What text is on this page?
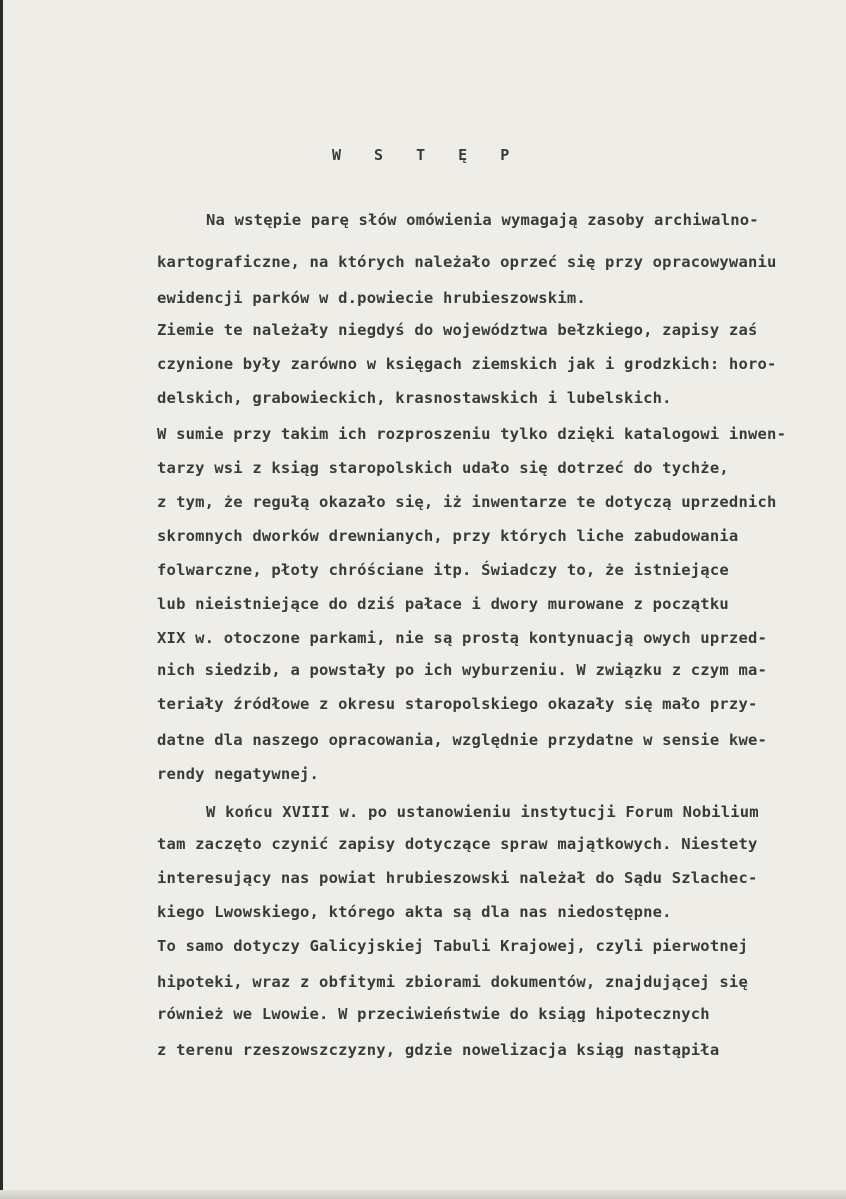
W S T Ę P
Na wstępie parę słów omówienia wymagają zasoby archiwalno-
kartograficzne, na których należało oprzeć się przy opracowywaniu
ewidencji parków w d.powiecie hrubieszowskim.
Ziemie te należały niegdyś do województwa bełzkiego, zapisy zaś
czynione były zarówno w księgach ziemskich jak i grodzkich: horo-
delskich, grabowieckich, krasnostawskich i lubelskich.
W sumie przy takim ich rozproszeniu tylko dzięki katalogowi inwen-
tarzy wsi z ksiąg staropolskich udało się dotrzeć do tychże,
z tym, że regułą okazało się, iż inwentarze te dotyczą uprzednich
skromnych dworków drewnianych, przy których liche zabudowania
folwarczne, płoty chróściane itp. Świadczy to, że istniejące
lub nieistniejące do dziś pałace i dwory murowane z początku
XIX w. otoczone parkami, nie są prostą kontynuacją owych uprzed-
nich siedzib, a powstały po ich wyburzeniu. W związku z czym ma-
teriały źródłowe z okresu staropolskiego okazały się mało przy-
datne dla naszego opracowania, względnie przydatne w sensie kwe-
rendy negatywnej.
W końcu XVIII w. po ustanowieniu instytucji Forum Nobilium
tam zaczęto czynić zapisy dotyczące spraw majątkowych. Niestety
interesujący nas powiat hrubieszowski należał do Sądu Szlachec-
kiego Lwowskiego, którego akta są dla nas niedostępne.
To samo dotyczy Galicyjskiej Tabuli Krajowej, czyli pierwotnej
hipoteki, wraz z obfitymi zbiorami dokumentów, znajdującej się
również we Lwowie. W przeciwieństwie do ksiąg hipotecznych
z terenu rzeszowszczyzny, gdzie nowelizacja ksiąg nastąpiła
